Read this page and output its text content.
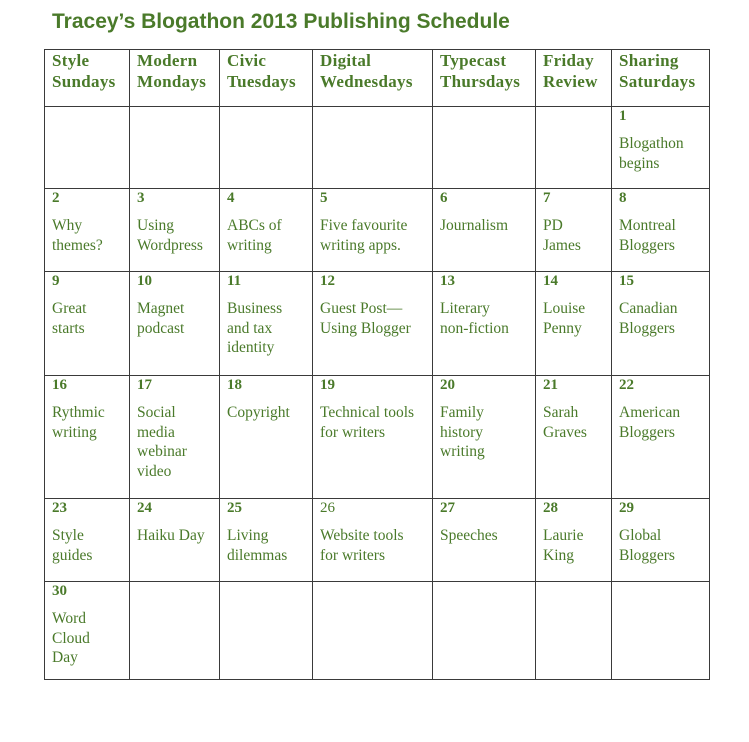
Tracey’s Blogathon 2013 Publishing Schedule
Style
Sundays	Modern
Mondays	Civic
Tuesdays	Digital
Wednesdays	Typecast
Thursdays	Friday
Review	Sharing
Saturdays

						1
Blogathon
begins

2
Why
themes?	3
Using
Wordpress	4
ABCs of
writing	5
Five favourite
writing apps.	6
Journalism	7
PD
James	8
Montreal
Bloggers

9
Great
starts	10
Magnet
podcast	11
Business
and tax
identity	12
Guest Post—
Using Blogger	13
Literary
non-fiction	14
Louise
Penny	15
Canadian
Bloggers

16
Rythmic
writing	17
Social
media
webinar
video	18
Copyright	19
Technical tools
for writers	20
Family
history
writing	21
Sarah
Graves	22
American
Bloggers

23
Style
guides	24
Haiku Day	25
Living
dilemmas	26
Website tools
for writers	27
Speeches	28
Laurie
King	29
Global
Bloggers

30
Word
Cloud
Day						
